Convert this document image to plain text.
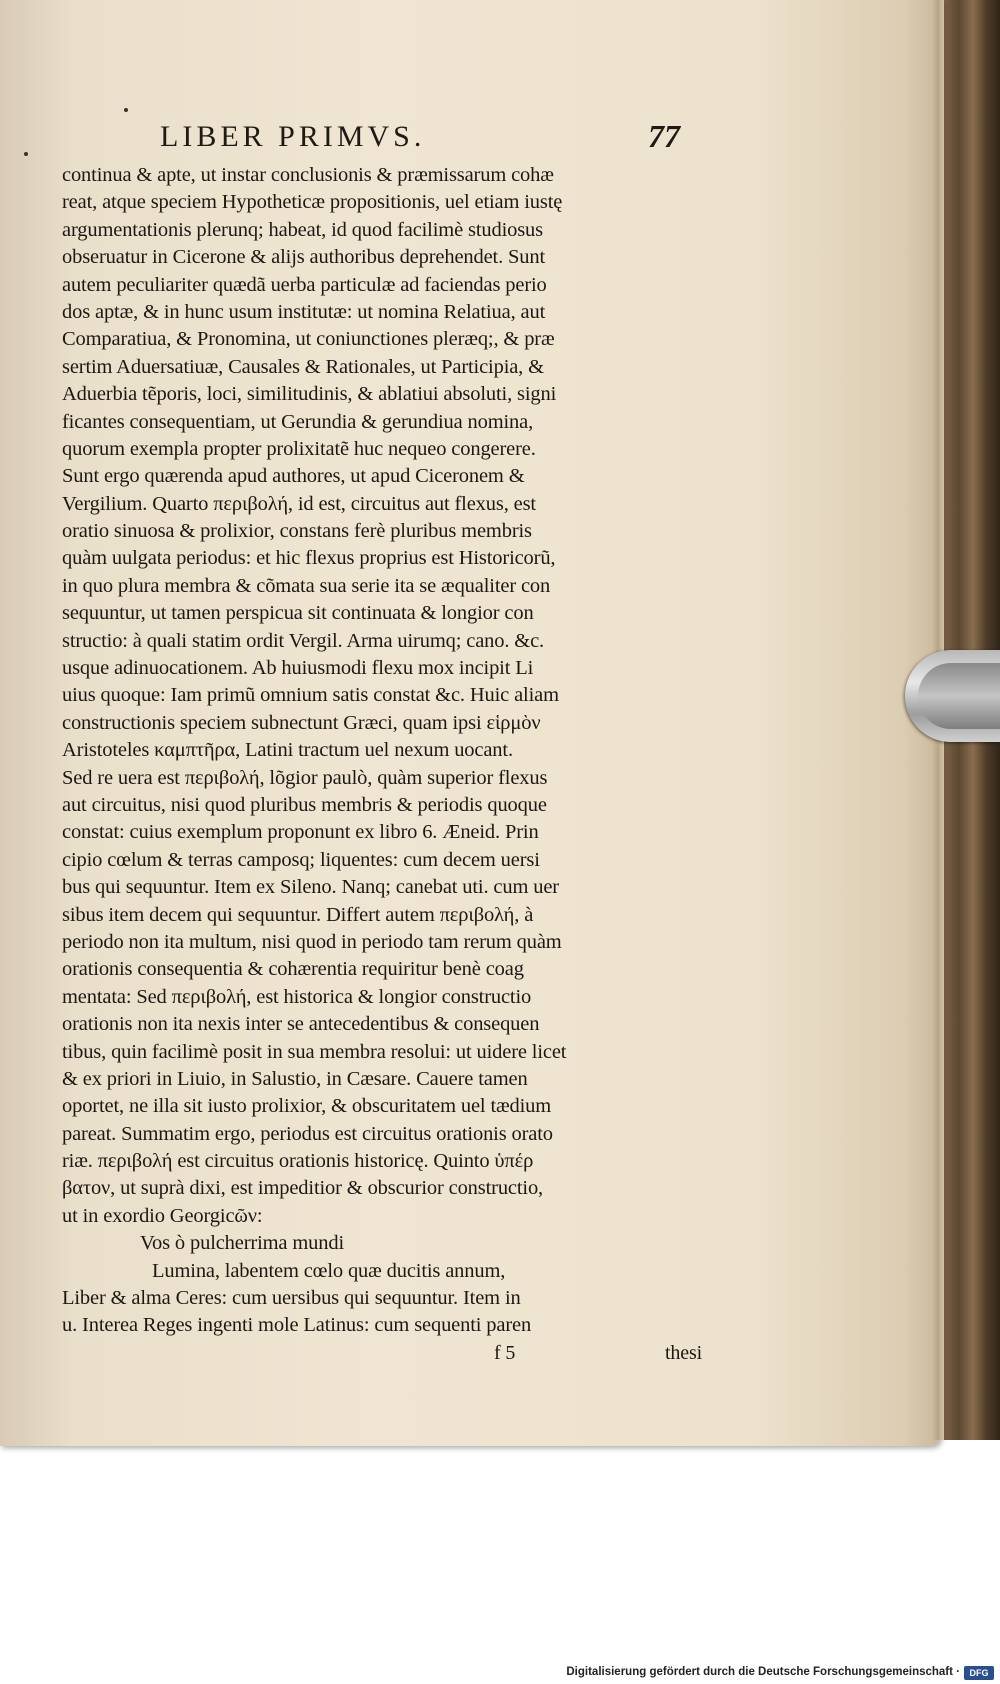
LIBER PRIMVS.	77
continua & apte, ut instar conclusionis & præmissarum cohæ
reat, atque speciem Hypotheticæ propositionis, uel etiam iustę
argumentationis plerunq; habeat, id quod facilimè studiosus
obseruatur in Cicerone & alijs authoribus deprehendet. Sunt
autem peculiariter quædã uerba particulæ ad faciendas perio
dos aptæ, & in hunc usum institutæ: ut nomina Relatiua, aut
Comparatiua, & Pronomina, ut coniunctiones pleræq;, & præ
sertim Aduersatiuæ, Causales & Rationales, ut Participia, &
Aduerbia tẽporis, loci, similitudinis, & ablatiui absoluti, signi
ficantes consequentiam, ut Gerundia & gerundiua nomina,
quorum exempla propter prolixitatẽ huc nequeo congerere.
Sunt ergo quærenda apud authores, ut apud Ciceronem &
Vergilium. Quarto περιβολή, id est, circuitus aut flexus, est
oratio sinuosa & prolixior, constans ferè pluribus membris
quàm uulgata periodus: et hic flexus proprius est Historicorũ,
in quo plura membra & cõmata sua serie ita se æqualiter con
sequuntur, ut tamen perspicua sit continuata & longior con
structio: à quali statim ordit Vergil. Arma uirumq; cano. &c.
usque adinuocationem. Ab huiusmodi flexu mox incipit Li
uius quoque: Iam primũ omnium satis constat &c. Huic aliam
constructionis speciem subnectunt Græci, quam ipsi εἱρμὸν
Aristoteles καμπτῆρα, Latini tractum uel nexum uocant.
Sed re uera est περιβολή, lõgior paulò, quàm superior flexus
aut circuitus, nisi quod pluribus membris & periodis quoque
constat: cuius exemplum proponunt ex libro 6. Æneid. Prin
cipio cœlum & terras camposq; liquentes: cum decem uersi
bus qui sequuntur. Item ex Sileno. Nanq; canebat uti. cum uer
sibus item decem qui sequuntur. Differt autem περιβολή, à
periodo non ita multum, nisi quod in periodo tam rerum quàm
orationis consequentia & cohærentia requiritur benè coag
mentata: Sed περιβολή, est historica & longior constructio
orationis non ita nexis inter se antecedentibus & consequen
tibus, quin facilimè posit in sua membra resolui: ut uidere licet
& ex priori in Liuio, in Salustio, in Cæsare. Cauere tamen
oportet, ne illa sit iusto prolixior, & obscuritatem uel tædium
pareat. Summatim ergo, periodus est circuitus orationis orato
riæ. περιβολή est circuitus orationis historicę. Quinto ὑπέρ
βατον, ut suprà dixi, est impeditior & obscurior constructio,
ut in exordio Georgicῶν:
Vos ò pulcherrima mundi
Lumina, labentem cœlo quæ ducitis annum,
Liber & alma Ceres: cum uersibus qui sequuntur. Item in
u. Interea Reges ingenti mole Latinus: cum sequenti paren
f 5	thesi
Digitalisierung gefördert durch die Deutsche Forschungsgemeinschaft ·	DFG
